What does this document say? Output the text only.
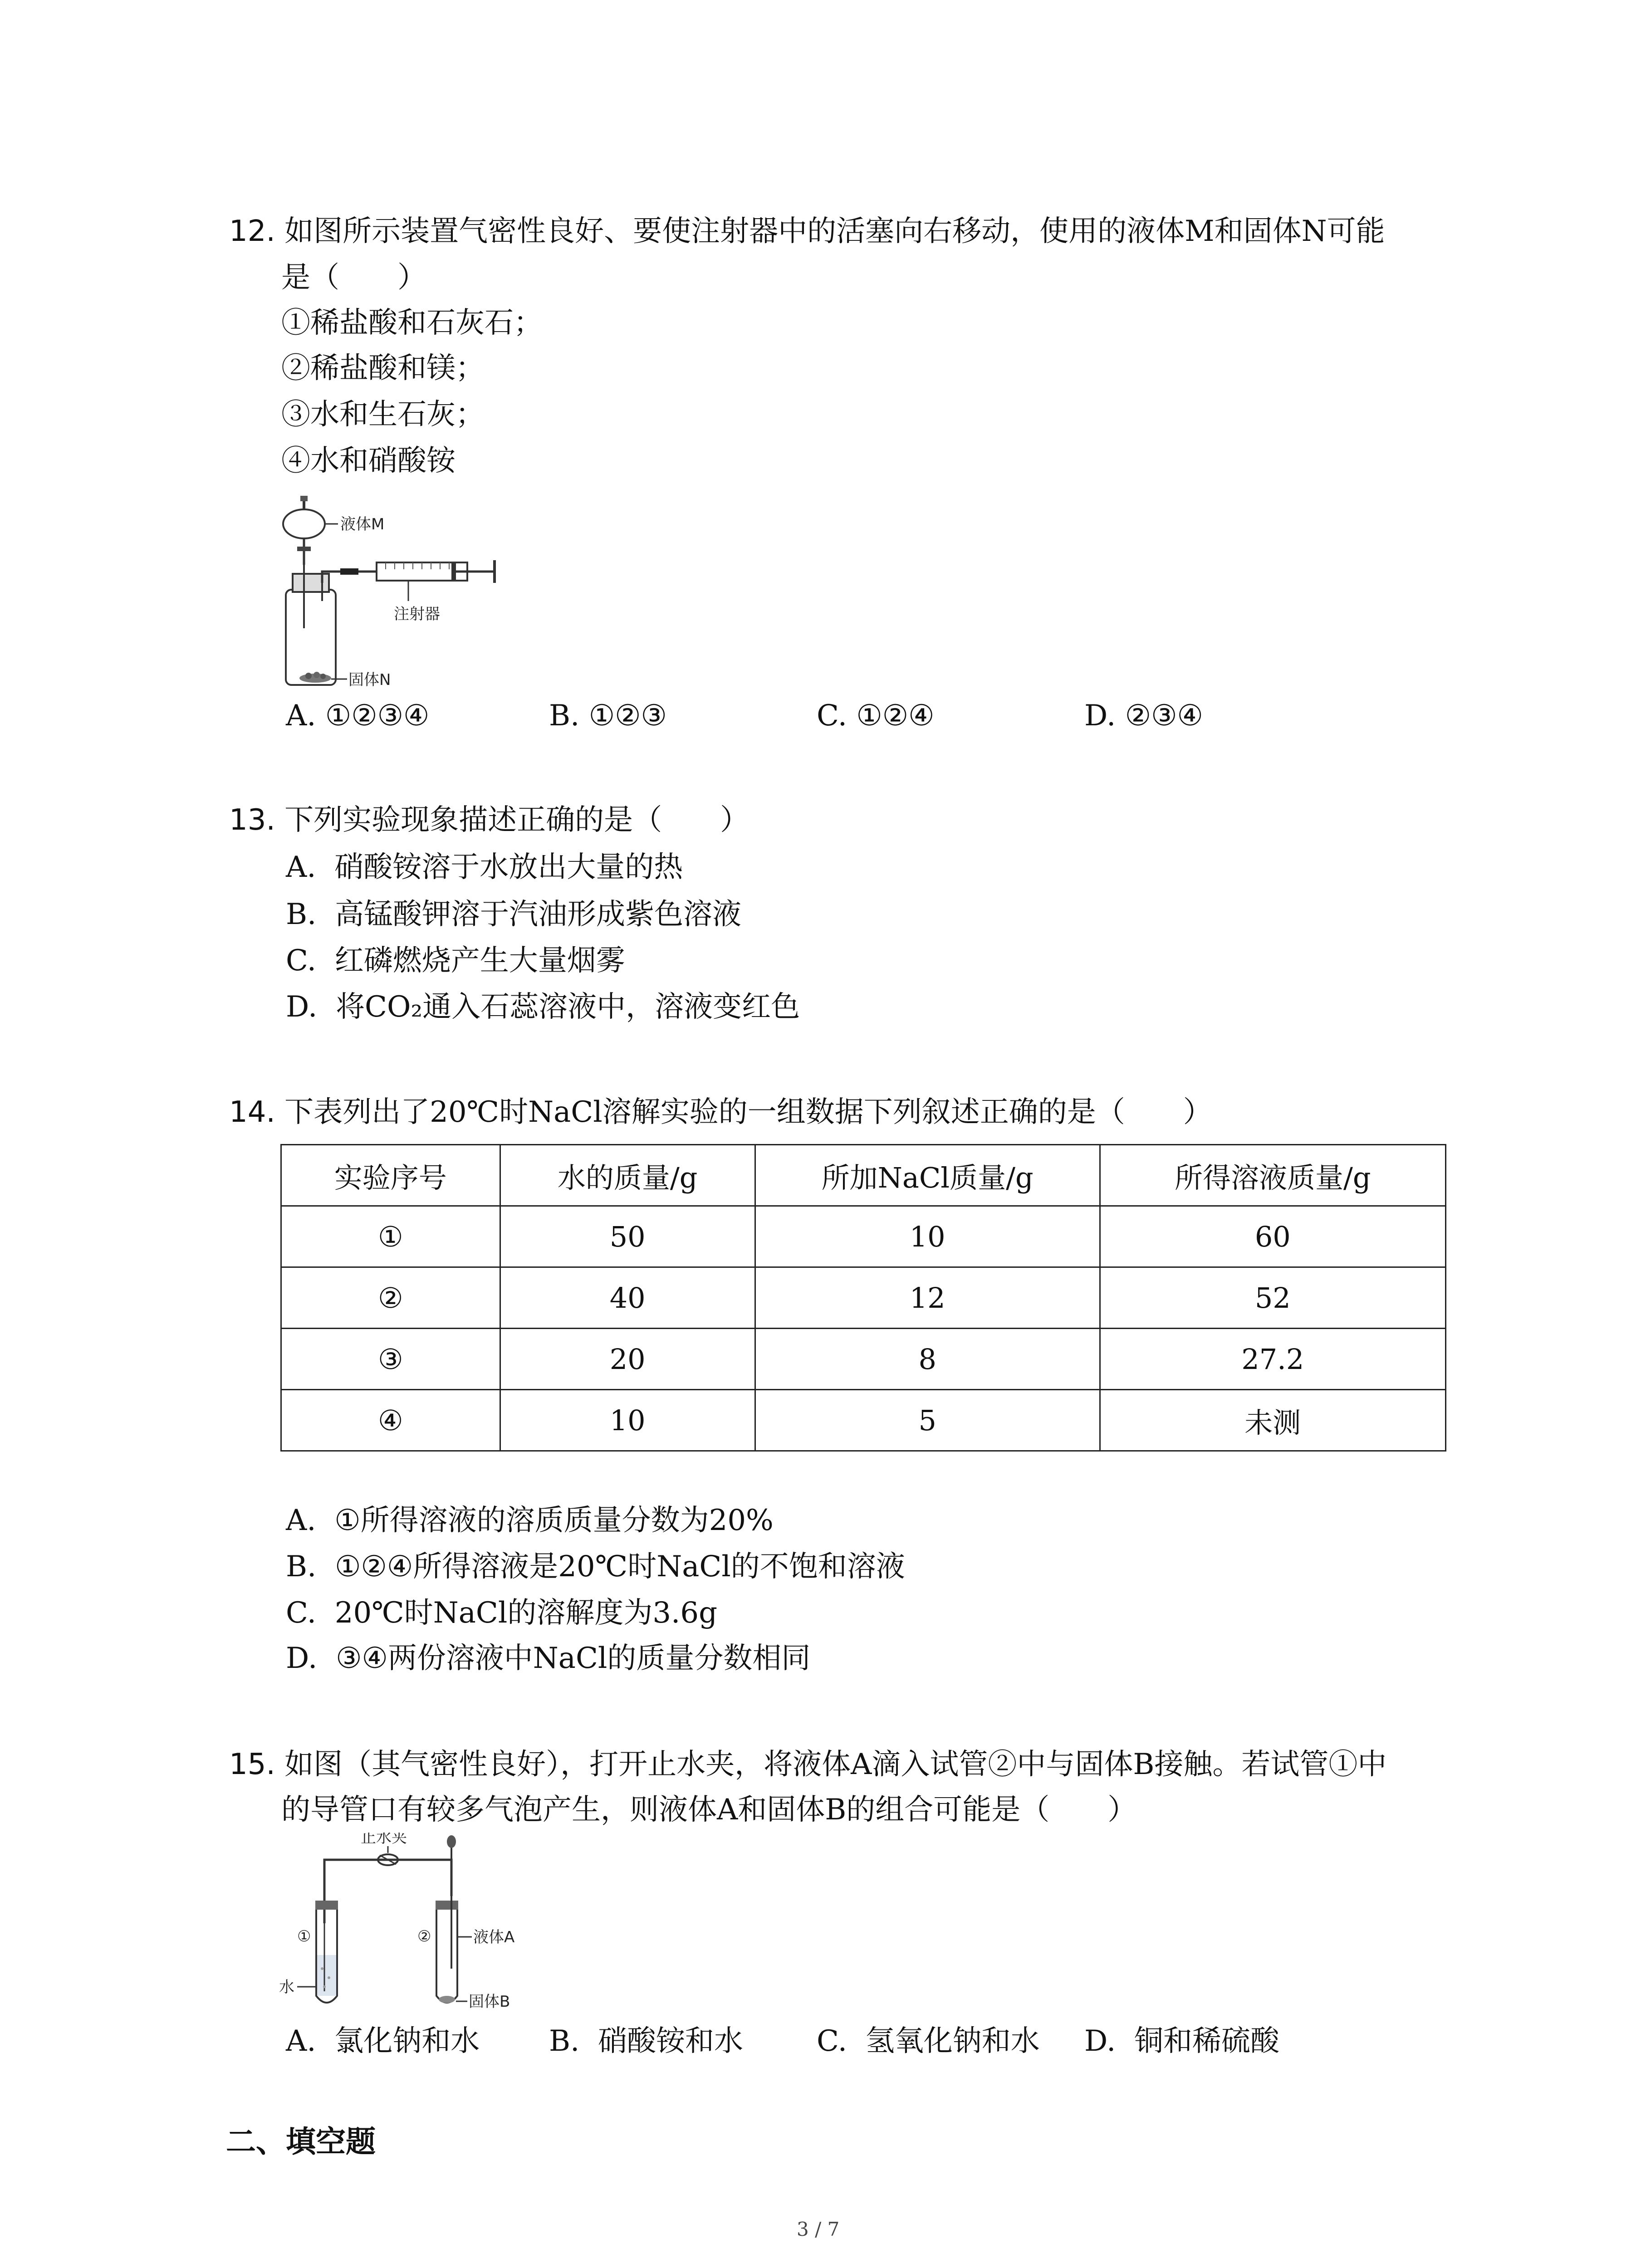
12. 如图所示装置气密性良好、要使注射器中的活塞向右移动，使用的液体M和固体N可能
是（　　）
①稀盐酸和石灰石；
②稀盐酸和镁；
③水和生石灰；
④水和硝酸铵
液体M
注射器
固体N
A. ①②③④	B. ①②③	C. ①②④	D. ②③④
13. 下列实验现象描述正确的是（　　）
A. 硝酸铵溶于水放出大量的热
B. 高锰酸钾溶于汽油形成紫色溶液
C. 红磷燃烧产生大量烟雾
D. 将CO₂通入石蕊溶液中，溶液变红色
14. 下表列出了20℃时NaCl溶解实验的一组数据下列叙述正确的是（　　）
实验序号	水的质量/g	所加NaCl质量/g	所得溶液质量/g
①	50	10	60
②	40	12	52
③	20	8	27.2
④	10	5	未测
A. ①所得溶液的溶质质量分数为20%
B. ①②④所得溶液是20℃时NaCl的不饱和溶液
C. 20℃时NaCl的溶解度为3.6g
D. ③④两份溶液中NaCl的质量分数相同
15. 如图（其气密性良好），打开止水夹，将液体A滴入试管②中与固体B接触。若试管①中
的导管口有较多气泡产生，则液体A和固体B的组合可能是（　　）
止水夹
①	②	液体A
水
固体B
A. 氯化钠和水 B. 硝酸铵和水	C. 氢氧化钠和水 D. 铜和稀硫酸
二、填空题
3 / 7
